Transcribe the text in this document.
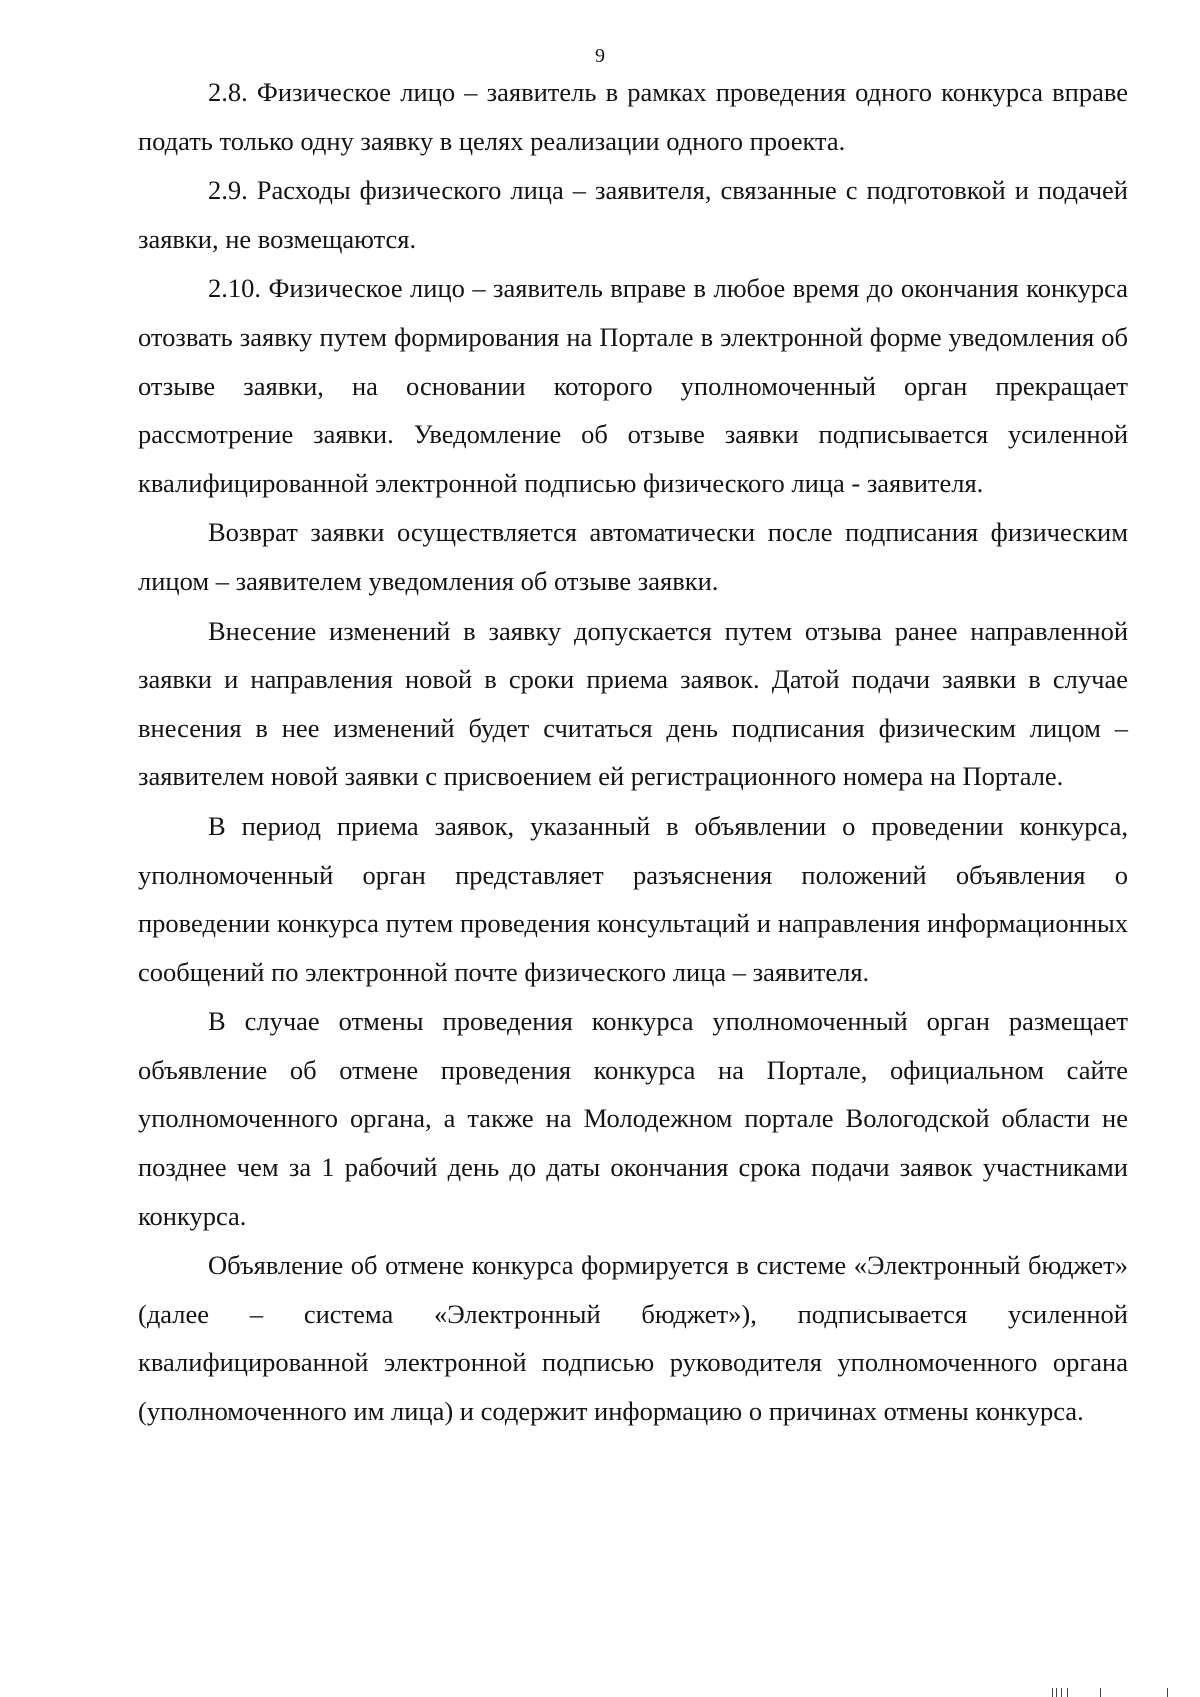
9

2.8. Физическое лицо – заявитель в рамках проведения одного конкурса вправе подать только одну заявку в целях реализации одного проекта.

2.9. Расходы физического лица – заявителя, связанные с подготовкой и подачей заявки, не возмещаются.

2.10. Физическое лицо – заявитель вправе в любое время до окончания конкурса отозвать заявку путем формирования на Портале в электронной форме уведомления об отзыве заявки, на основании которого уполномоченный орган прекращает рассмотрение заявки. Уведомление об отзыве заявки подписывается усиленной квалифицированной электронной подписью физического лица - заявителя.

Возврат заявки осуществляется автоматически после подписания физическим лицом – заявителем уведомления об отзыве заявки.

Внесение изменений в заявку допускается путем отзыва ранее направленной заявки и направления новой в сроки приема заявок. Датой подачи заявки в случае внесения в нее изменений будет считаться день подписания физическим лицом – заявителем новой заявки с присвоением ей регистрационного номера на Портале.

В период приема заявок, указанный в объявлении о проведении конкурса, уполномоченный орган представляет разъяснения положений объявления о проведении конкурса путем проведения консультаций и направления информационных сообщений по электронной почте физического лица – заявителя.

В случае отмены проведения конкурса уполномоченный орган размещает объявление об отмене проведения конкурса на Портале, официальном сайте уполномоченного органа, а также на Молодежном портале Вологодской области не позднее чем за 1 рабочий день до даты окончания срока подачи заявок участниками конкурса.

Объявление об отмене конкурса формируется в системе «Электронный бюджет» (далее – система «Электронный бюджет»), подписывается усиленной квалифицированной электронной подписью руководителя уполномоченного органа (уполномоченного им лица) и содержит информацию о причинах отмены конкурса.
